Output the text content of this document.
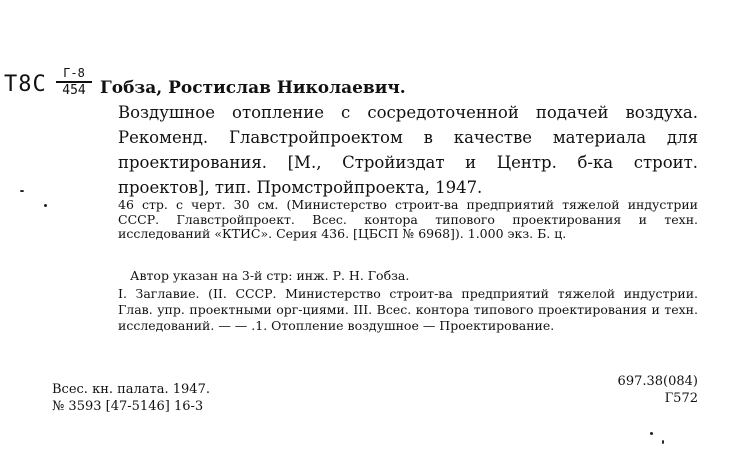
Т8С	Г-8
454 Гобза, Ростислав Николаевич.
Воздушное отопление с сосредоточенной подачей воздуха. Рекоменд. Главстройпроектом в качестве материала для проектирования. [М., Стройиздат и Центр. б-ка строит. проектов], тип. Промстройпроекта, 1947.
46 стр. с черт. 30 см. (Министерство строит-ва предприятий тяжелой индустрии СССР. Главстройпроект. Всес. контора типового проектирования и техн. исследований «КТИС». Серия 436. [ЦБСП № 6968]). 1.000 экз. Б. ц.
Автор указан на 3-й стр: инж. Р. Н. Гобза.
I. Заглавие. (II. СССР. Министерство строит-ва предприятий тяжелой индустрии. Глав. упр. проектными орг-циями. III. Всес. контора типового проектирования и техн. исследований. — — .1. Отопление воздушное — Проектирование.
Всес. кн. палата. 1947.
№ 3593 [47-5146] 16-3
697.38(084)
Г572
